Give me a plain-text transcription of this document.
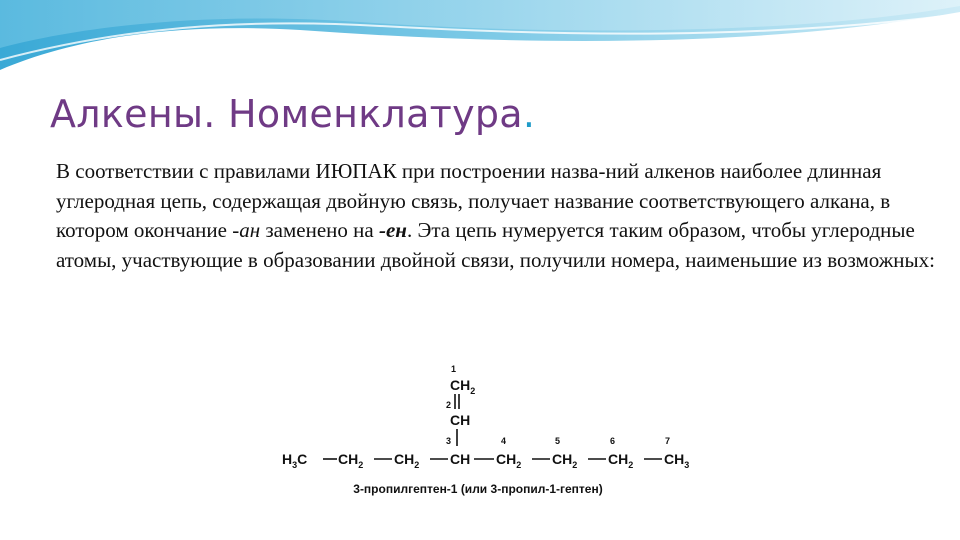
Алкены. Номенклатура.

В соответствии с правилами ИЮПАК при построении назва-ний алкенов наиболее длинная углеродная цепь, содержащая двойную связь, получает название соответствующего алкана, в котором окончание -ан заменено на -ен. Эта цепь нумеруется таким образом, чтобы углеродные атомы, участвующие в образовании двойной связи, получили номера, наименьшие из возможных:

1
2
$CH_2$
CH
3	4	5	6	7
$H_3C$ $CH_2$ $CH_2$ CH $CH_2$ $CH_2$ $CH_2$ $CH_3$
3-пропилгептен-1 (или 3-пропил-1-гептен)
